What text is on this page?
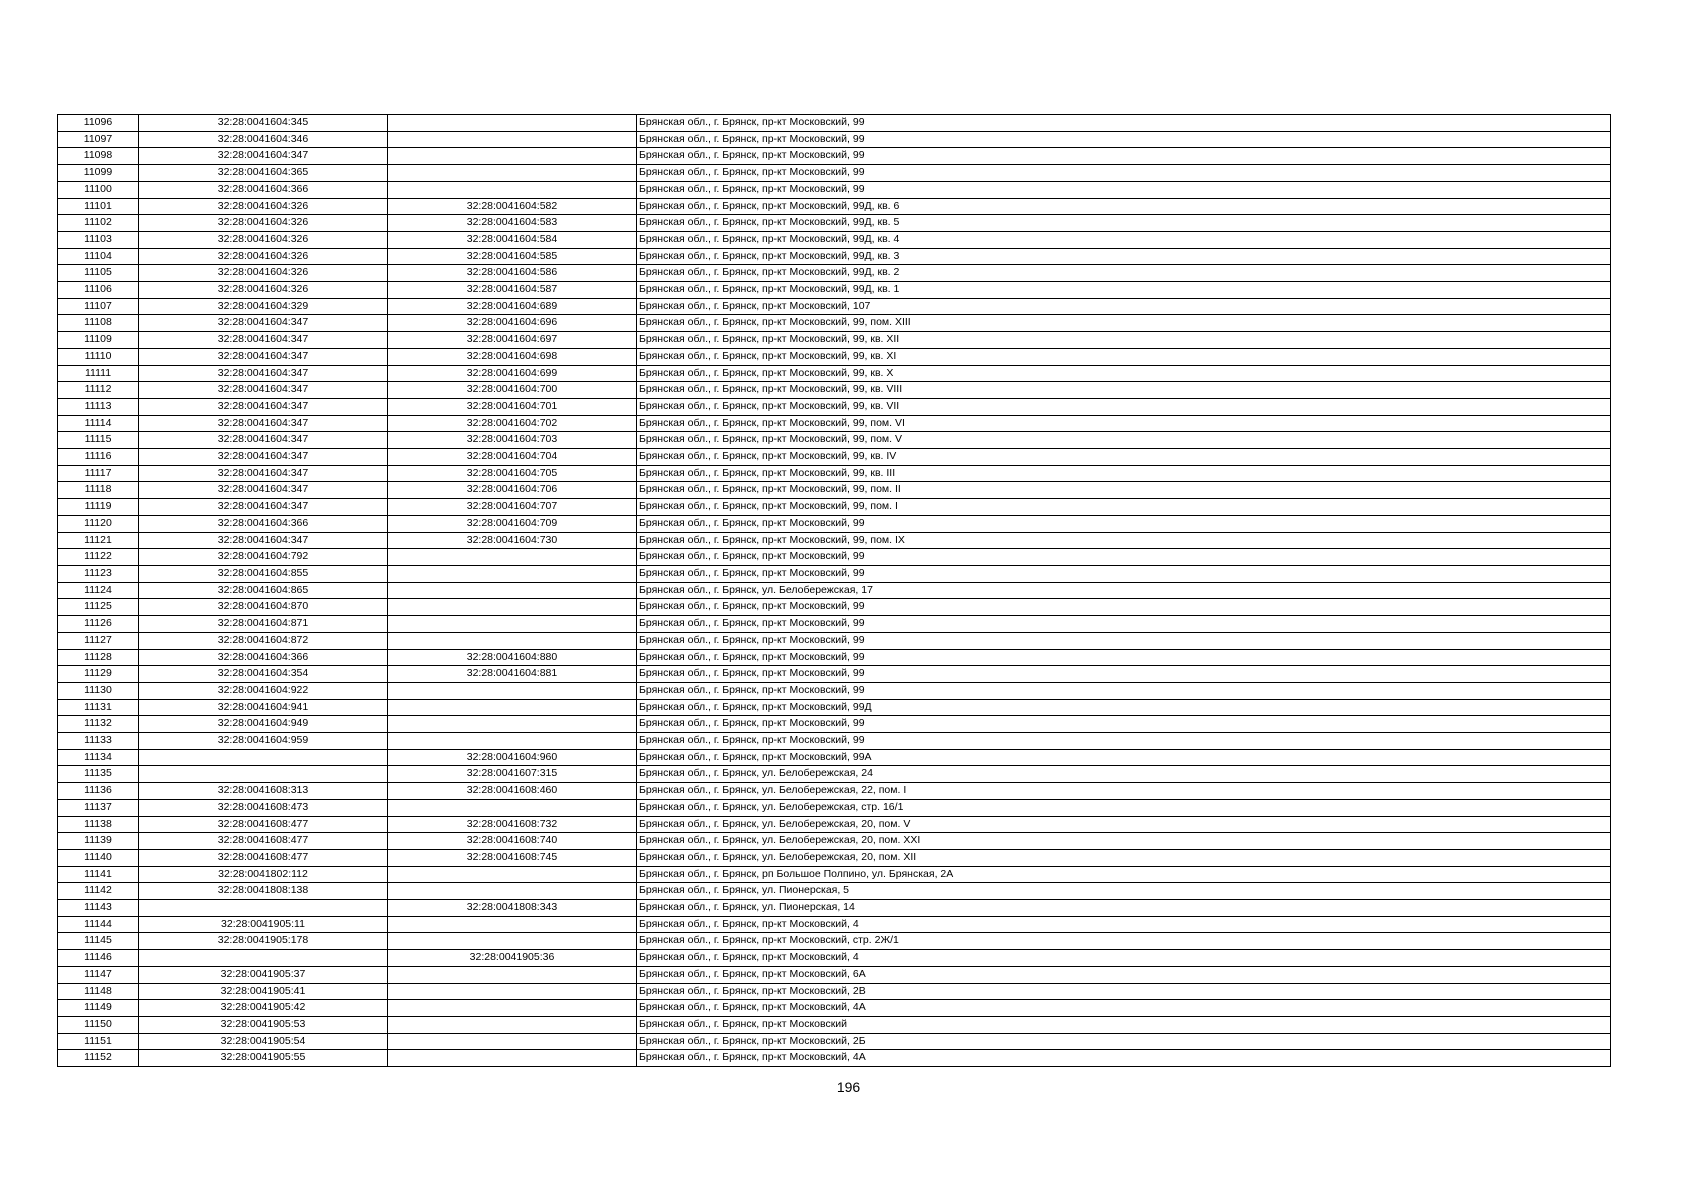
11096	32:28:0041604:345		Брянская обл., г. Брянск, пр-кт Московский, 99
11097	32:28:0041604:346		Брянская обл., г. Брянск, пр-кт Московский, 99
11098	32:28:0041604:347		Брянская обл., г. Брянск, пр-кт Московский, 99
11099	32:28:0041604:365		Брянская обл., г. Брянск, пр-кт Московский, 99
11100	32:28:0041604:366		Брянская обл., г. Брянск, пр-кт Московский, 99
11101	32:28:0041604:326	32:28:0041604:582	Брянская обл., г. Брянск, пр-кт Московский, 99Д, кв. 6
11102	32:28:0041604:326	32:28:0041604:583	Брянская обл., г. Брянск, пр-кт Московский, 99Д, кв. 5
11103	32:28:0041604:326	32:28:0041604:584	Брянская обл., г. Брянск, пр-кт Московский, 99Д, кв. 4
11104	32:28:0041604:326	32:28:0041604:585	Брянская обл., г. Брянск, пр-кт Московский, 99Д, кв. 3
11105	32:28:0041604:326	32:28:0041604:586	Брянская обл., г. Брянск, пр-кт Московский, 99Д, кв. 2
11106	32:28:0041604:326	32:28:0041604:587	Брянская обл., г. Брянск, пр-кт Московский, 99Д, кв. 1
11107	32:28:0041604:329	32:28:0041604:689	Брянская обл., г. Брянск, пр-кт Московский, 107
11108	32:28:0041604:347	32:28:0041604:696	Брянская обл., г. Брянск, пр-кт Московский, 99, пом. XIII
11109	32:28:0041604:347	32:28:0041604:697	Брянская обл., г. Брянск, пр-кт Московский, 99, кв. XII
11110	32:28:0041604:347	32:28:0041604:698	Брянская обл., г. Брянск, пр-кт Московский, 99, кв. XI
11111	32:28:0041604:347	32:28:0041604:699	Брянская обл., г. Брянск, пр-кт Московский, 99, кв. X
11112	32:28:0041604:347	32:28:0041604:700	Брянская обл., г. Брянск, пр-кт Московский, 99, кв. VIII
11113	32:28:0041604:347	32:28:0041604:701	Брянская обл., г. Брянск, пр-кт Московский, 99, кв. VII
11114	32:28:0041604:347	32:28:0041604:702	Брянская обл., г. Брянск, пр-кт Московский, 99, пом. VI
11115	32:28:0041604:347	32:28:0041604:703	Брянская обл., г. Брянск, пр-кт Московский, 99, пом. V
11116	32:28:0041604:347	32:28:0041604:704	Брянская обл., г. Брянск, пр-кт Московский, 99, кв. IV
11117	32:28:0041604:347	32:28:0041604:705	Брянская обл., г. Брянск, пр-кт Московский, 99, кв. III
11118	32:28:0041604:347	32:28:0041604:706	Брянская обл., г. Брянск, пр-кт Московский, 99, пом. II
11119	32:28:0041604:347	32:28:0041604:707	Брянская обл., г. Брянск, пр-кт Московский, 99, пом. I
11120	32:28:0041604:366	32:28:0041604:709	Брянская обл., г. Брянск, пр-кт Московский, 99
11121	32:28:0041604:347	32:28:0041604:730	Брянская обл., г. Брянск, пр-кт Московский, 99, пом. IX
11122	32:28:0041604:792		Брянская обл., г. Брянск, пр-кт Московский, 99
11123	32:28:0041604:855		Брянская обл., г. Брянск, пр-кт Московский, 99
11124	32:28:0041604:865		Брянская обл., г. Брянск, ул. Белобережская, 17
11125	32:28:0041604:870		Брянская обл., г. Брянск, пр-кт Московский, 99
11126	32:28:0041604:871		Брянская обл., г. Брянск, пр-кт Московский, 99
11127	32:28:0041604:872		Брянская обл., г. Брянск, пр-кт Московский, 99
11128	32:28:0041604:366	32:28:0041604:880	Брянская обл., г. Брянск, пр-кт Московский, 99
11129	32:28:0041604:354	32:28:0041604:881	Брянская обл., г. Брянск, пр-кт Московский, 99
11130	32:28:0041604:922		Брянская обл., г. Брянск, пр-кт Московский, 99
11131	32:28:0041604:941		Брянская обл., г. Брянск, пр-кт Московский, 99Д
11132	32:28:0041604:949		Брянская обл., г. Брянск, пр-кт Московский, 99
11133	32:28:0041604:959		Брянская обл., г. Брянск, пр-кт Московский, 99
11134		32:28:0041604:960	Брянская обл., г. Брянск, пр-кт Московский, 99А
11135		32:28:0041607:315	Брянская обл., г. Брянск, ул. Белобережская, 24
11136	32:28:0041608:313	32:28:0041608:460	Брянская обл., г. Брянск, ул. Белобережская, 22, пом. I
11137	32:28:0041608:473		Брянская обл., г. Брянск, ул. Белобережская, стр. 16/1
11138	32:28:0041608:477	32:28:0041608:732	Брянская обл., г. Брянск, ул. Белобережская, 20, пом. V
11139	32:28:0041608:477	32:28:0041608:740	Брянская обл., г. Брянск, ул. Белобережская, 20, пом. XXI
11140	32:28:0041608:477	32:28:0041608:745	Брянская обл., г. Брянск, ул. Белобережская, 20, пом. XII
11141	32:28:0041802:112		Брянская обл., г. Брянск, рп Большое Полпино, ул. Брянская, 2А
11142	32:28:0041808:138		Брянская обл., г. Брянск, ул. Пионерская, 5
11143		32:28:0041808:343	Брянская обл., г. Брянск, ул. Пионерская, 14
11144	32:28:0041905:11		Брянская обл., г. Брянск, пр-кт Московский, 4
11145	32:28:0041905:178		Брянская обл., г. Брянск, пр-кт Московский, стр. 2Ж/1
11146		32:28:0041905:36	Брянская обл., г. Брянск, пр-кт Московский, 4
11147	32:28:0041905:37		Брянская обл., г. Брянск, пр-кт Московский, 6А
11148	32:28:0041905:41		Брянская обл., г. Брянск, пр-кт Московский, 2В
11149	32:28:0041905:42		Брянская обл., г. Брянск, пр-кт Московский, 4А
11150	32:28:0041905:53		Брянская обл., г. Брянск, пр-кт Московский
11151	32:28:0041905:54		Брянская обл., г. Брянск, пр-кт Московский, 2Б
11152	32:28:0041905:55		Брянская обл., г. Брянск, пр-кт Московский, 4А
196
